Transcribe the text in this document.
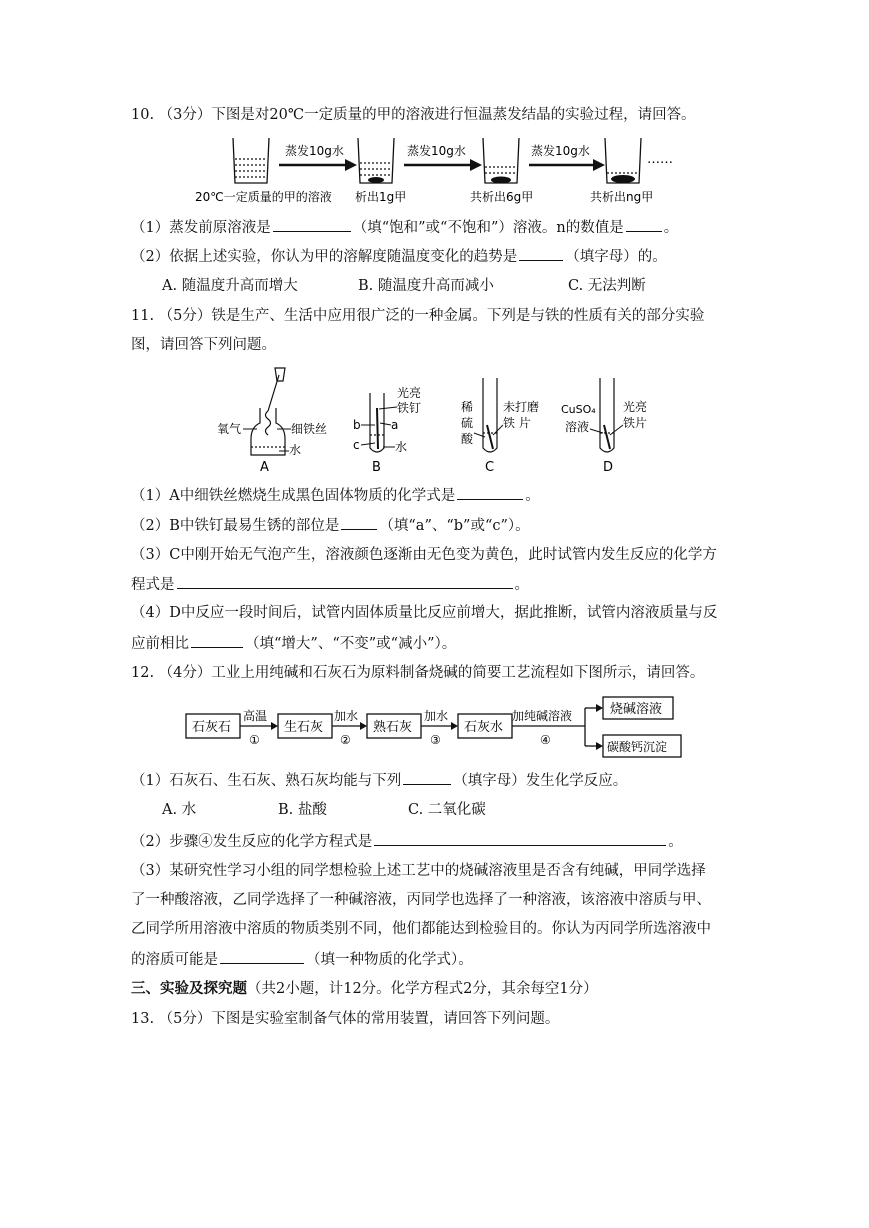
10. （3分）下图是对20℃一定质量的甲的溶液进行恒温蒸发结晶的实验过程，请回答。
蒸发10g水	蒸发10g水	蒸发10g水
……
20℃一定质量的甲的溶液 析出1g甲	共析出6g甲	共析出ng甲
（1）蒸发前原溶液是	（填“饱和”或“不饱和”）溶液。n的数值是	。
（2）依据上述实验，你认为甲的溶解度随温度变化的趋势是	（填字母）的。
A. 随温度升高而增大	B. 随温度升高而减小	C. 无法判断
11. （5分）铁是生产、生活中应用很广泛的一种金属。下列是与铁的性质有关的部分实验
图，请回答下列问题。
氧气	细铁丝
水
A
光亮
铁钉
b	a
c	水
B
稀
硫
酸
未打磨
铁 片
C
CuSO₄
溶液
光亮
铁片
D
（1）A中细铁丝燃烧生成黑色固体物质的化学式是	。
（2）B中铁钉最易生锈的部位是	（填“a”、“b”或“c”）。
（3）C中刚开始无气泡产生，溶液颜色逐渐由无色变为黄色，此时试管内发生反应的化学方
程式是	。
（4）D中反应一段时间后，试管内固体质量比反应前增大，据此推断，试管内溶液质量与反
应前相比	（填“增大”、“不变”或“减小”）。
12. （4分）工业上用纯碱和石灰石为原料制备烧碱的简要工艺流程如下图所示，请回答。
石灰石	生石灰	熟石灰	石灰水
烧碱溶液
碳酸钙沉淀
高温	加水	加水	加纯碱溶液
①	②	③	④
（1）石灰石、生石灰、熟石灰均能与下列	（填字母）发生化学反应。
A. 水	B. 盐酸	C. 二氧化碳
（2）步骤④发生反应的化学方程式是	。
（3）某研究性学习小组的同学想检验上述工艺中的烧碱溶液里是否含有纯碱，甲同学选择
了一种酸溶液，乙同学选择了一种碱溶液，丙同学也选择了一种溶液，该溶液中溶质与甲、
乙同学所用溶液中溶质的物质类别不同，他们都能达到检验目的。你认为丙同学所选溶液中
的溶质可能是	（填一种物质的化学式）。
三、实验及探究题（共2小题，计12分。化学方程式2分，其余每空1分）
13. （5分）下图是实验室制备气体的常用装置，请回答下列问题。
